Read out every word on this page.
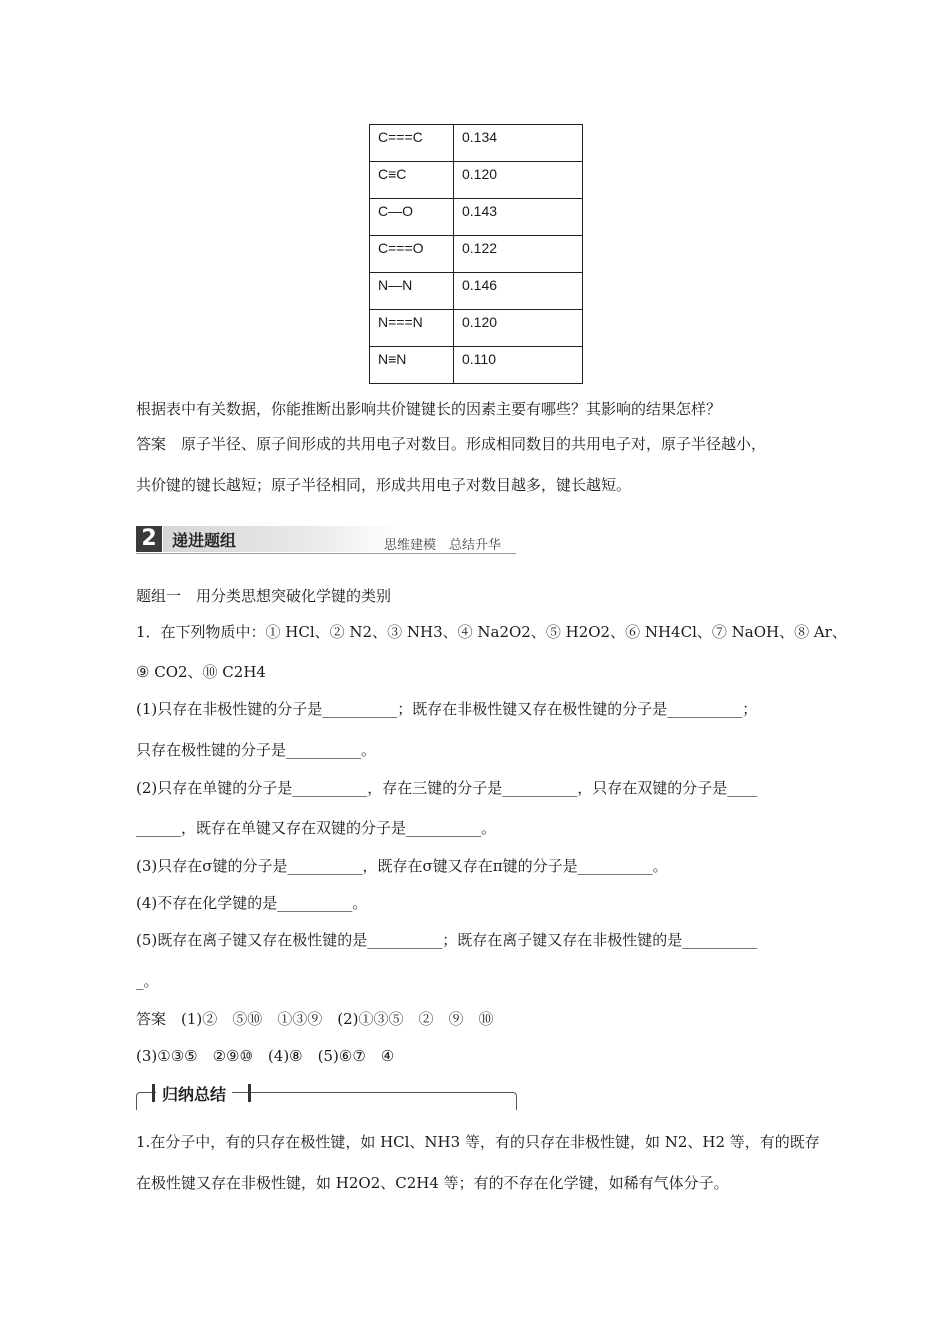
C===C	0.134
C≡C	0.120
C—O	0.143
C===O	0.122
N—N	0.146
N===N	0.120
N≡N	0.110
根据表中有关数据，你能推断出影响共价键键长的因素主要有哪些？其影响的结果怎样？
答案　原子半径、原子间形成的共用电子对数目。形成相同数目的共用电子对，原子半径越小，
共价键的键长越短；原子半径相同，形成共用电子对数目越多，键长越短。
2 递进题组	思维建模　总结升华
题组一　用分类思想突破化学键的类别
1．在下列物质中：① HCl、② N2、③ NH3、④ Na2O2、⑤ H2O2、⑥ NH4Cl、⑦ NaOH、⑧ Ar、
⑨ CO2、⑩ C2H4
(1)只存在非极性键的分子是__________；既存在非极性键又存在极性键的分子是__________；
只存在极性键的分子是__________。
(2)只存在单键的分子是__________，存在三键的分子是__________，只存在双键的分子是____
______，既存在单键又存在双键的分子是__________。
(3)只存在σ键的分子是__________，既存在σ键又存在π键的分子是__________。
(4)不存在化学键的是__________。
(5)既存在离子键又存在极性键的是__________；既存在离子键又存在非极性键的是__________
_。
答案　(1)②　⑤⑩　①③⑨　(2)①③⑤　②　⑨　⑩
(3)①③⑤　②⑨⑩　(4)⑧　(5)⑥⑦　④
归纳总结
1.在分子中，有的只存在极性键，如 HCl、NH3 等，有的只存在非极性键，如 N2、H2 等，有的既存
在极性键又存在非极性键，如 H2O2、C2H4 等；有的不存在化学键，如稀有气体分子。
